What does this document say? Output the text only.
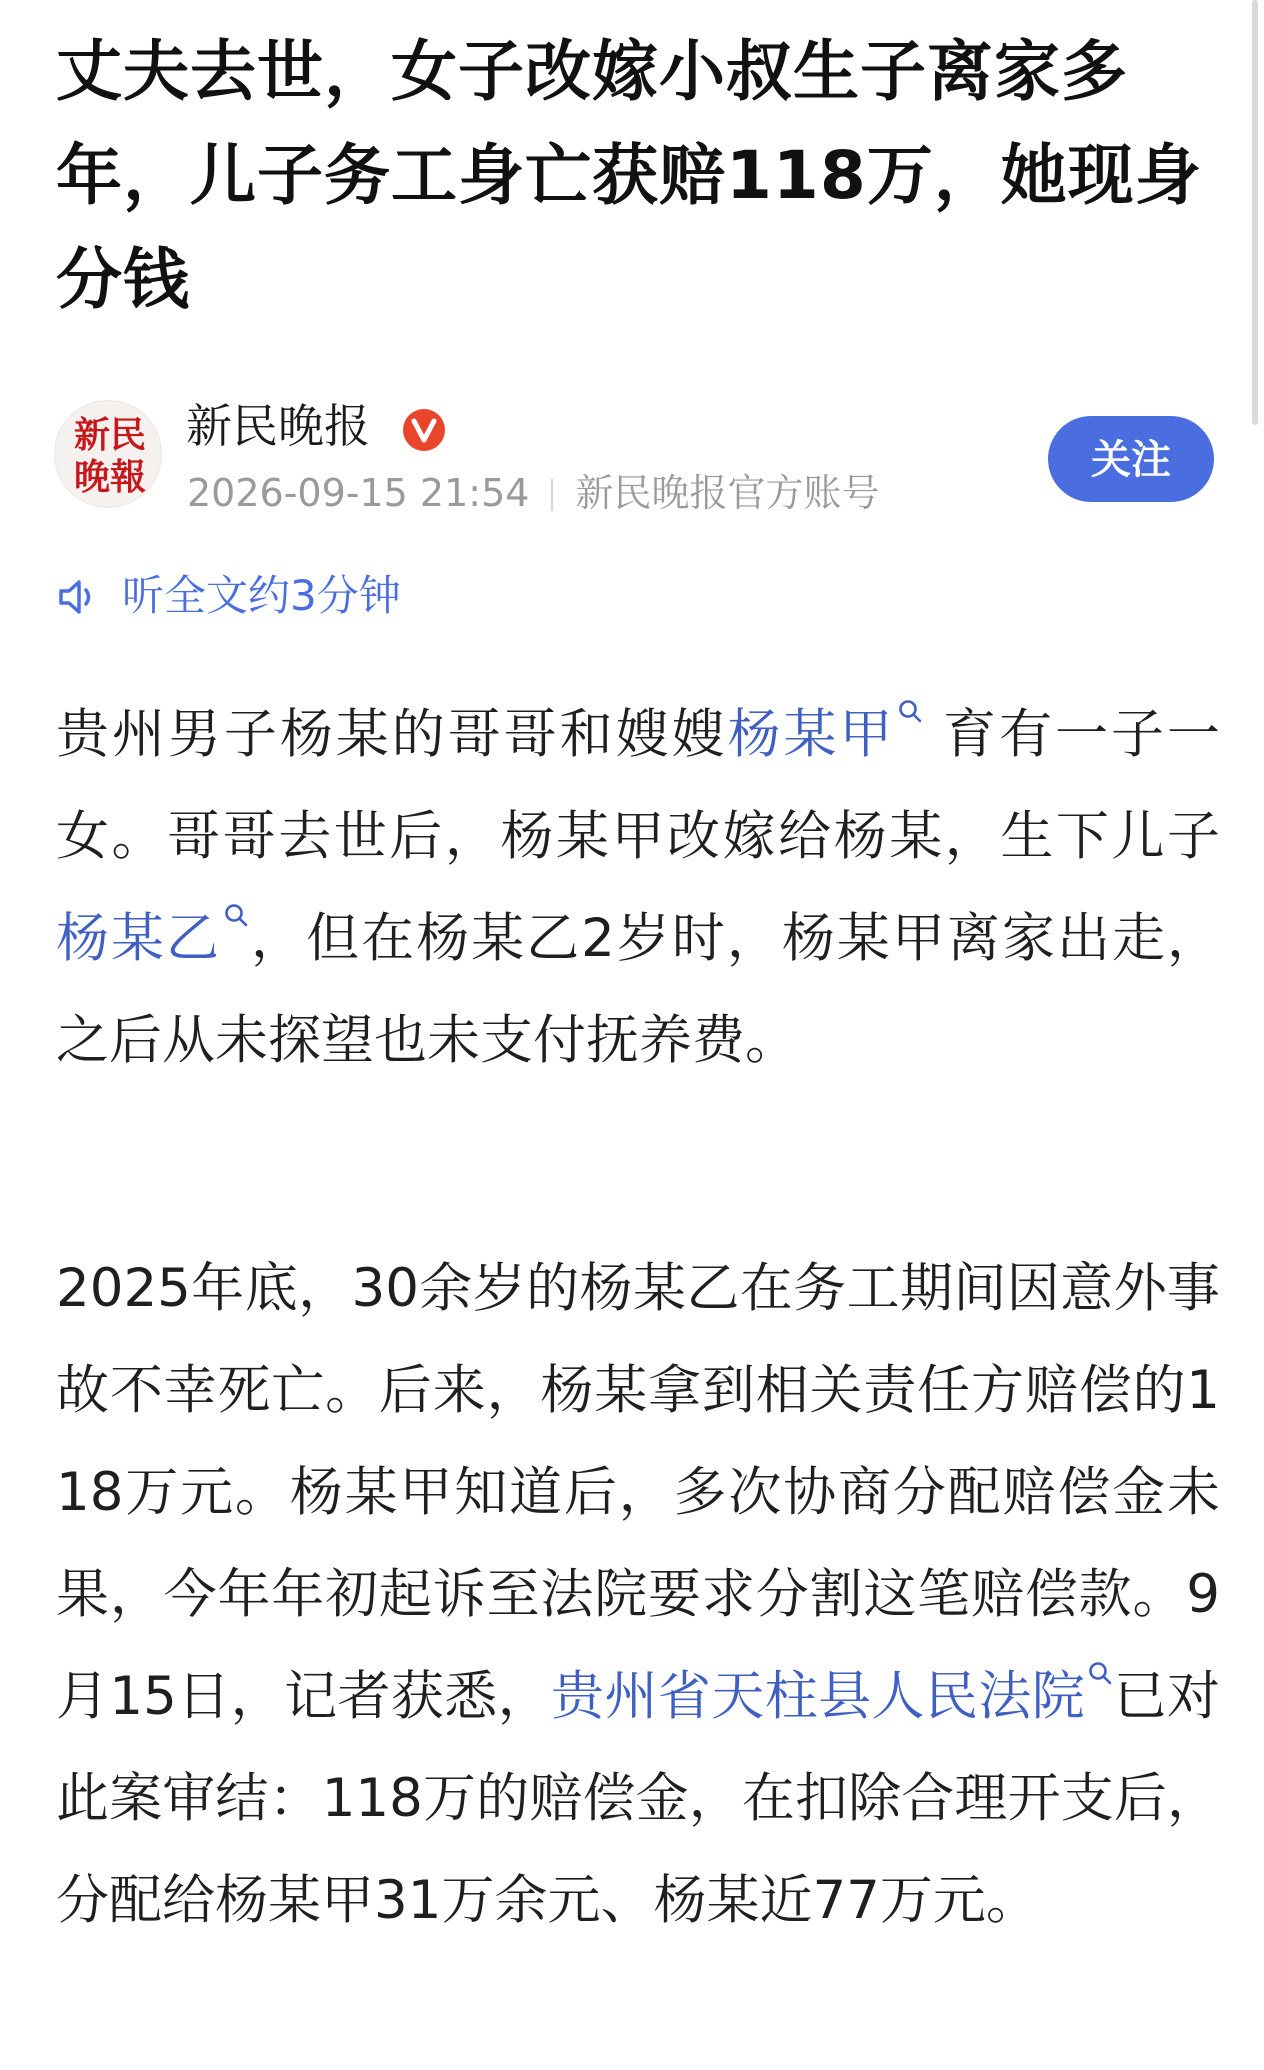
丈夫去世，女子改嫁小叔生子离家多年，儿子务工身亡获赔118万，她现身分钱
新民晚報
新民晚报
2026-09-15 21:54 新民晚报官方账号
关注
听全文约3分钟

贵州男子杨某的哥哥和嫂嫂杨某甲 育有一子一女。哥哥去世后，杨某甲改嫁给杨某，生下儿子杨某乙 ，但在杨某乙2岁时，杨某甲离家出走，之后从未探望也未支付抚养费。

2025年底，30余岁的杨某乙在务工期间因意外事故不幸死亡。后来，杨某拿到相关责任方赔偿的118万元。杨某甲知道后，多次协商分配赔偿金未果，今年年初起诉至法院要求分割这笔赔偿款。9月15日，记者获悉，贵州省天柱县人民法院 已对此案审结：118万的赔偿金，在扣除合理开支后，分配给杨某甲31万余元、杨某近77万元。
